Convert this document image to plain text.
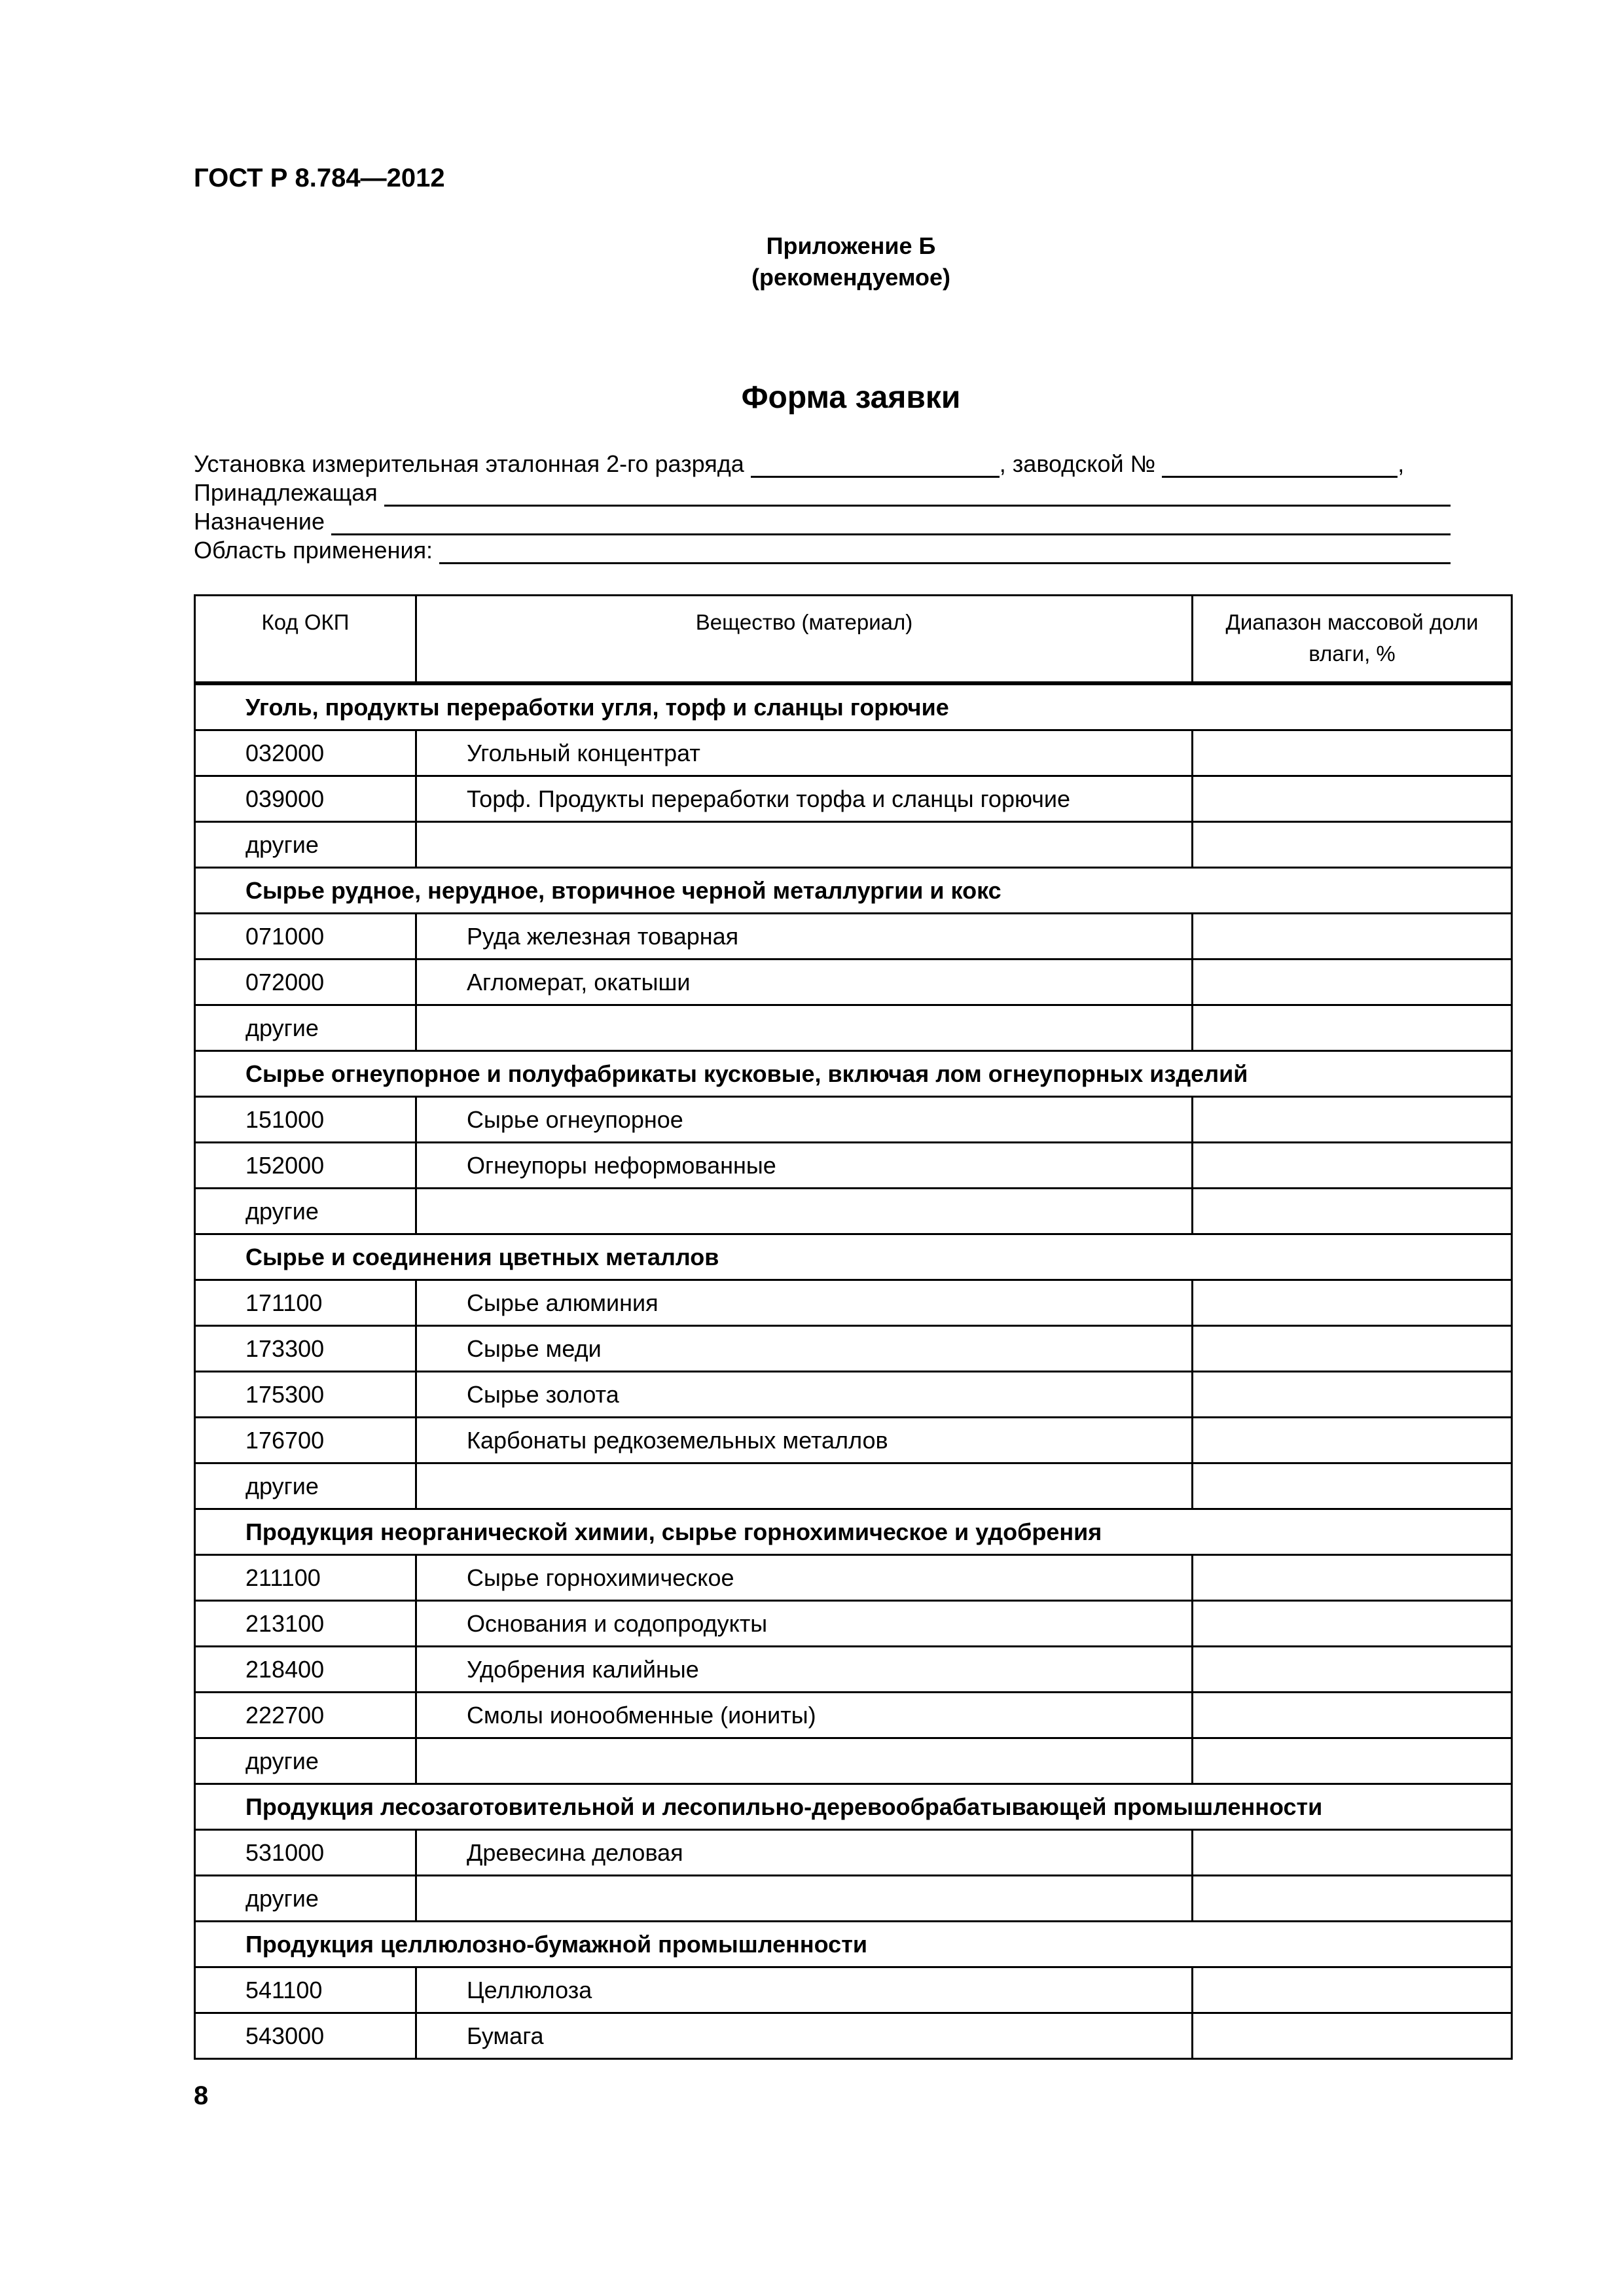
ГОСТ Р 8.784—2012
Приложение Б
(рекомендуемое)
Форма заявки
Установка измерительная эталонная 2-го разряда	, заводской №	,
Принадлежащая
Назначение
Область применения:
Код ОКП	Вещество (материал)	Диапазон массовой доли влаги, %
Уголь, продукты переработки угля, торф и сланцы горючие		
032000	Угольный концентрат	
039000	Торф. Продукты переработки торфа и сланцы горючие	
другие		
Сырье рудное, нерудное, вторичное черной металлургии и кокс		
071000	Руда железная товарная	
072000	Агломерат, окатыши	
другие		
Сырье огнеупорное и полуфабрикаты кусковые, включая лом огнеупорных изделий		
151000	Сырье огнеупорное	
152000	Огнеупоры неформованные	
другие		
Сырье и соединения цветных металлов		
171100	Сырье алюминия	
173300	Сырье меди	
175300	Сырье золота	
176700	Карбонаты редкоземельных металлов	
другие		
Продукция неорганической химии, сырье горнохимическое и удобрения		
211100	Сырье горнохимическое	
213100	Основания и содопродукты	
218400	Удобрения калийные	
222700	Смолы ионообменные (иониты)	
другие		
Продукция лесозаготовительной и лесопильно-деревообрабатывающей промышленности		
531000	Древесина деловая	
другие		
Продукция целлюлозно-бумажной промышленности		
541100	Целлюлоза	
543000	Бумага	
8
